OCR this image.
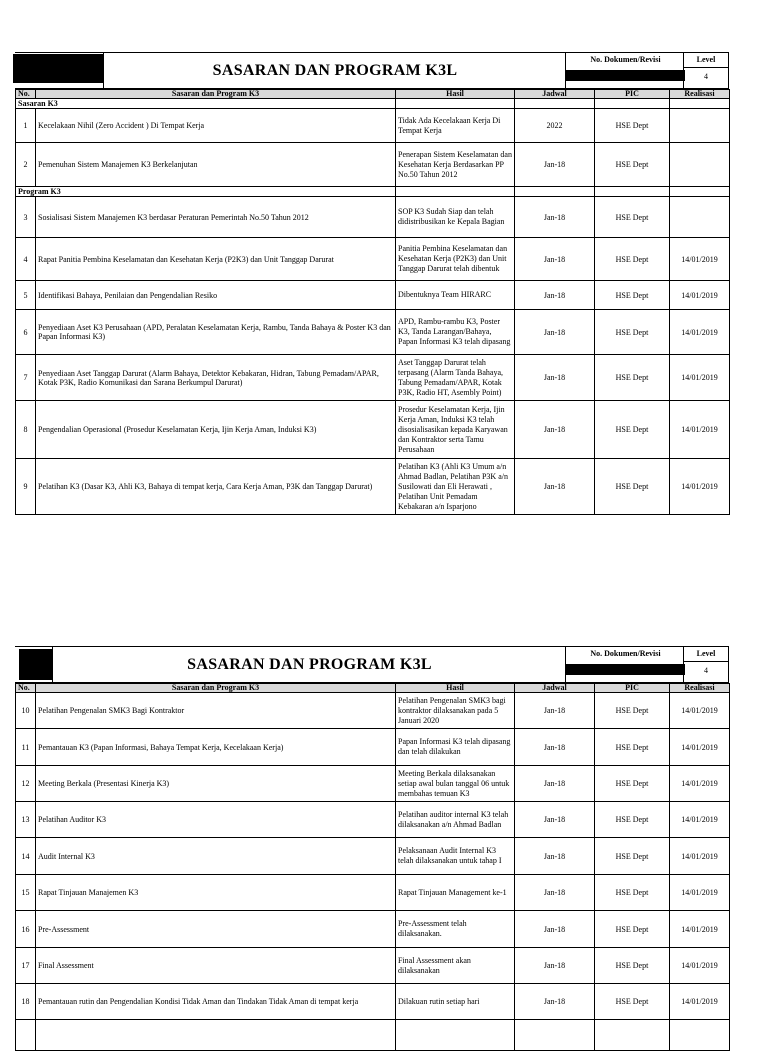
SASARAN DAN PROGRAM K3L
No. Dokumen/Revisi	Level
4
No.	Sasaran dan Program K3	Hasil	Jadwal	PIC	Realisasi
Sasaran K3					
1	Kecelakaan Nihil (Zero Accident ) Di Tempat Kerja	Tidak Ada Kecelakaan Kerja Di Tempat Kerja	2022	HSE Dept	
2	Pemenuhan Sistem Manajemen K3 Berkelanjutan	Penerapan Sistem Keselamatan dan Kesehatan Kerja Berdasarkan PP No.50 Tahun 2012	Jan-18	HSE Dept	
Program K3					
3	Sosialisasi Sistem Manajemen K3 berdasar Peraturan Pemerintah No.50 Tahun 2012	SOP K3 Sudah Siap dan telah didistribusikan ke Kepala Bagian	Jan-18	HSE Dept	
4	Rapat Panitia Pembina Keselamatan dan Kesehatan Kerja (P2K3) dan Unit Tanggap Darurat	Panitia Pembina Keselamatan dan Kesehatan Kerja (P2K3) dan Unit Tanggap Darurat telah dibentuk	Jan-18	HSE Dept	14/01/2019
5	Identifikasi Bahaya, Penilaian dan Pengendalian Resiko	Dibentuknya Team HIRARC	Jan-18	HSE Dept	14/01/2019
6	Penyediaan Aset K3 Perusahaan (APD, Peralatan Keselamatan Kerja, Rambu, Tanda Bahaya & Poster K3 dan Papan Informasi K3)	APD, Rambu-rambu K3, Poster K3, Tanda Larangan/Bahaya, Papan Informasi K3 telah dipasang	Jan-18	HSE Dept	14/01/2019
7	Penyediaan Aset Tanggap Darurat (Alarm Bahaya, Detektor Kebakaran, Hidran, Tabung Pemadam/APAR, Kotak P3K, Radio Komunikasi dan Sarana Berkumpul Darurat)	Aset Tanggap Darurat telah terpasang (Alarm Tanda Bahaya, Tabung Pemadam/APAR, Kotak P3K, Radio HT, Asembly Point)	Jan-18	HSE Dept	14/01/2019
8	Pengendalian Operasional (Prosedur Keselamatan Kerja, Ijin Kerja Aman, Induksi K3)	Prosedur Keselamatan Kerja, Ijin Kerja Aman, Induksi K3 telah disosialisasikan kepada Karyawan dan Kontraktor serta Tamu Perusahaan	Jan-18	HSE Dept	14/01/2019
9	Pelatihan K3 (Dasar K3, Ahli K3, Bahaya di tempat kerja, Cara Kerja Aman, P3K dan Tanggap Darurat)	Pelatihan K3 (Ahli K3 Umum a/n Ahmad Badlan, Pelatihan P3K a/n Susilowati dan Eli Herawati , Pelatihan Unit Pemadam Kebakaran a/n Isparjono	Jan-18	HSE Dept	14/01/2019
SASARAN DAN PROGRAM K3L
No. Dokumen/Revisi	Level
4
No.	Sasaran dan Program K3	Hasil	Jadwal	PIC	Realisasi
10	Pelatihan Pengenalan SMK3 Bagi Kontraktor	Pelatihan Pengenalan SMK3 bagi kontraktor dilaksanakan pada 5 Januari 2020	Jan-18	HSE Dept	14/01/2019
11	Pemantauan K3 (Papan Informasi, Bahaya Tempat Kerja, Kecelakaan Kerja)	Papan Informasi K3 telah dipasang dan telah dilakukan	Jan-18	HSE Dept	14/01/2019
12	Meeting Berkala (Presentasi Kinerja K3)	Meeting Berkala dilaksanakan setiap awal bulan tanggal 06 untuk membahas temuan K3	Jan-18	HSE Dept	14/01/2019
13	Pelatihan Auditor K3	Pelatihan auditor internal K3 telah dilaksanakan a/n Ahmad Badlan	Jan-18	HSE Dept	14/01/2019
14	Audit Internal K3	Pelaksanaan Audit Internal K3 telah dilaksanakan untuk tahap I	Jan-18	HSE Dept	14/01/2019
15	Rapat Tinjauan Manajemen K3	Rapat Tinjauan Management ke-1	Jan-18	HSE Dept	14/01/2019
16	Pre-Assessment	Pre-Assessment telah dilaksanakan.	Jan-18	HSE Dept	14/01/2019
17	Final Assessment	Final Assessment akan dilaksanakan	Jan-18	HSE Dept	14/01/2019
18	Pemantauan rutin dan Pengendalian Kondisi Tidak Aman dan Tindakan Tidak Aman di tempat kerja	Dilakuan rutin setiap hari	Jan-18	HSE Dept	14/01/2019
